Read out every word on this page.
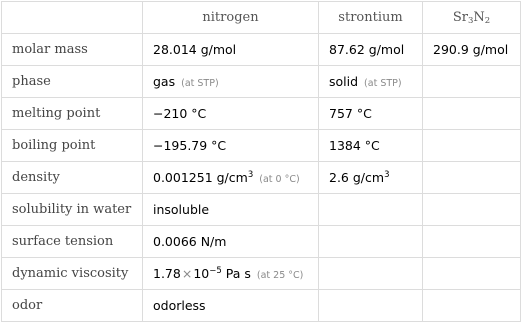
	nitrogen	strontium	$Sr_3N_2$
molar mass	28.014 g/mol	87.62 g/mol	290.9 g/mol
phase	gas (at STP)	solid (at STP)	
melting point	−210 °C	757 °C	
boiling point	−195.79 °C	1384 °C	
density	0.001251 $g/cm^3$ (at 0 °C)	2.6 $g/cm^3$	
solubility in water	insoluble		
surface tension	0.0066 N/m		
dynamic viscosity	$1.78\times 10^{-5}$ Pa s (at 25 °C)		
odor	odorless		
